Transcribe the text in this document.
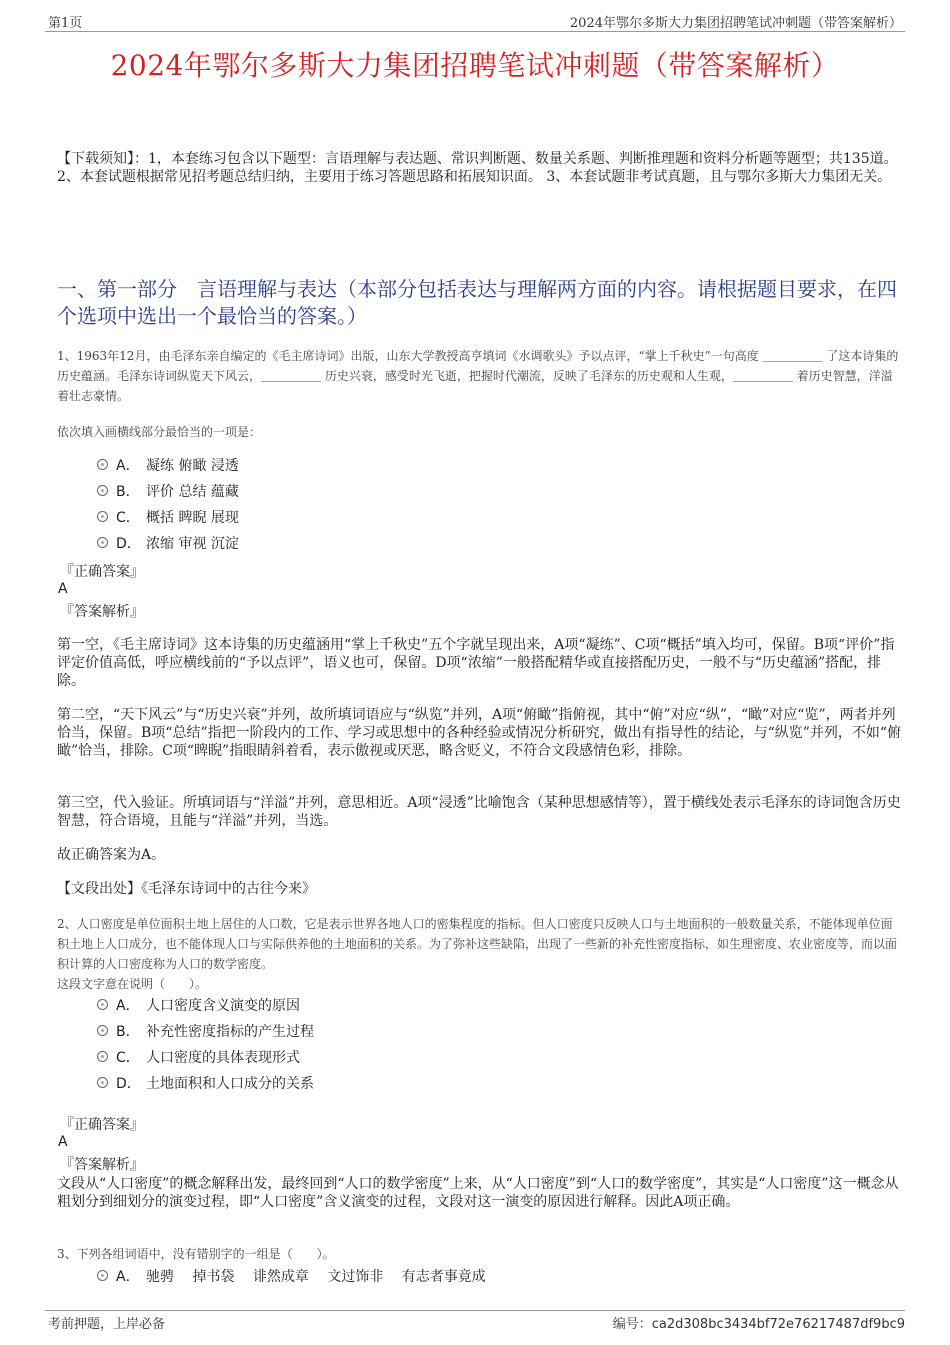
第1页	2024年鄂尔多斯大力集团招聘笔试冲刺题（带答案解析）
2024年鄂尔多斯大力集团招聘笔试冲刺题（带答案解析）
【下载须知】：1，本套练习包含以下题型：言语理解与表达题、常识判断题、数量关系题、判断推理题和资料分析题等题型；共135道。 2、本套试题根据常见招考题总结归纳，主要用于练习答题思路和拓展知识面。 3、本套试题非考试真题，且与鄂尔多斯大力集团无关。
一、第一部分　言语理解与表达（本部分包括表达与理解两方面的内容。请根据题目要求，在四个选项中选出一个最恰当的答案。）
1、1963年12月，由毛泽东亲自编定的《毛主席诗词》出版，山东大学教授高亨填词《水调歌头》予以点评，“掌上千秋史”一句高度 ＿＿＿＿＿ 了这本诗集的历史蕴涵。毛泽东诗词纵览天下风云，＿＿＿＿＿ 历史兴衰，感受时光飞逝，把握时代潮流，反映了毛泽东的历史观和人生观，＿＿＿＿＿ 着历史智慧，洋溢着壮志豪情。
依次填入画横线部分最恰当的一项是：
A． 凝练 俯瞰 浸透
B． 评价 总结 蕴藏
C． 概括 睥睨 展现
D． 浓缩 审视 沉淀
『正确答案』
A
『答案解析』
第一空，《毛主席诗词》这本诗集的历史蕴涵用“掌上千秋史”五个字就呈现出来，A项“凝练”、C项“概括”填入均可，保留。B项“评价”指评定价值高低，呼应横线前的“予以点评”，语义也可，保留。D项“浓缩”一般搭配精华或直接搭配历史，一般不与“历史蕴涵”搭配，排除。
第二空，“天下风云”与“历史兴衰”并列，故所填词语应与“纵览”并列，A项“俯瞰”指俯视，其中“俯”对应“纵”，“瞰”对应“览”，两者并列恰当，保留。B项“总结”指把一阶段内的工作、学习或思想中的各种经验或情况分析研究，做出有指导性的结论，与“纵览”并列，不如“俯瞰”恰当，排除。C项“睥睨”指眼睛斜着看，表示傲视或厌恶，略含贬义，不符合文段感情色彩，排除。
第三空，代入验证。所填词语与“洋溢”并列，意思相近。A项“浸透”比喻饱含（某种思想感情等），置于横线处表示毛泽东的诗词饱含历史智慧，符合语境，且能与“洋溢”并列，当选。
故正确答案为A。
【文段出处】《毛泽东诗词中的古往今来》
2、人口密度是单位面积土地上居住的人口数，它是表示世界各地人口的密集程度的指标。但人口密度只反映人口与土地面积的一般数量关系，不能体现单位面积土地上人口成分，也不能体现人口与实际供养他的土地面积的关系。为了弥补这些缺陷，出现了一些新的补充性密度指标，如生理密度、农业密度等，而以面积计算的人口密度称为人口的数学密度。
这段文字意在说明（　　）。
A． 人口密度含义演变的原因
B． 补充性密度指标的产生过程
C． 人口密度的具体表现形式
D． 土地面积和人口成分的关系
『正确答案』
A
『答案解析』
文段从“人口密度”的概念解释出发，最终回到“人口的数学密度”上来，从“人口密度”到“人口的数学密度”，其实是“人口密度”这一概念从粗划分到细划分的演变过程，即“人口密度”含义演变的过程，文段对这一演变的原因进行解释。因此A项正确。
3、下列各组词语中，没有错别字的一组是（　　）。
A． 驰骋　 掉书袋　 诽然成章　 文过饰非　 有志者事竟成
考前押题，上岸必备	编号：ca2d308bc3434bf72e76217487df9bc9
